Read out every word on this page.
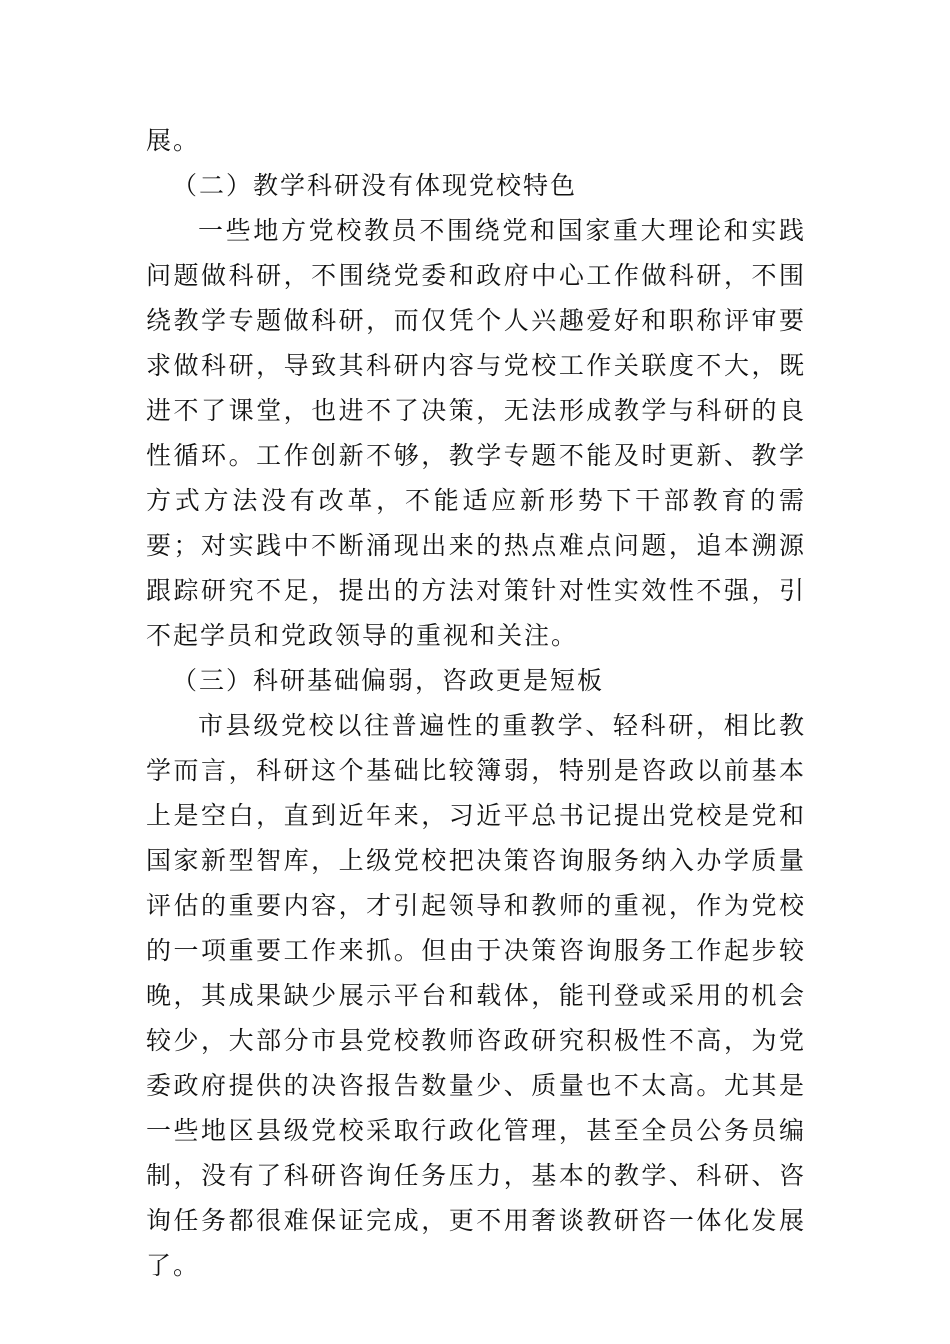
展。

（二）教学科研没有体现党校特色

一些地方党校教员不围绕党和国家重大理论和实践问题做科研，不围绕党委和政府中心工作做科研，不围绕教学专题做科研，而仅凭个人兴趣爱好和职称评审要求做科研，导致其科研内容与党校工作关联度不大，既进不了课堂，也进不了决策，无法形成教学与科研的良性循环。工作创新不够，教学专题不能及时更新、教学方式方法没有改革，不能适应新形势下干部教育的需要；对实践中不断涌现出来的热点难点问题，追本溯源跟踪研究不足，提出的方法对策针对性实效性不强，引不起学员和党政领导的重视和关注。

（三）科研基础偏弱，咨政更是短板

市县级党校以往普遍性的重教学、轻科研，相比教学而言，科研这个基础比较簿弱，特别是咨政以前基本上是空白，直到近年来，习近平总书记提出党校是党和国家新型智库，上级党校把决策咨询服务纳入办学质量评估的重要内容，才引起领导和教师的重视，作为党校的一项重要工作来抓。但由于决策咨询服务工作起步较晚，其成果缺少展示平台和载体，能刊登或采用的机会较少，大部分市县党校教师咨政研究积极性不高，为党委政府提供的决咨报告数量少、质量也不太高。尤其是一些地区县级党校采取行政化管理，甚至全员公务员编制，没有了科研咨询任务压力，基本的教学、科研、咨询任务都很难保证完成，更不用奢谈教研咨一体化发展了。
